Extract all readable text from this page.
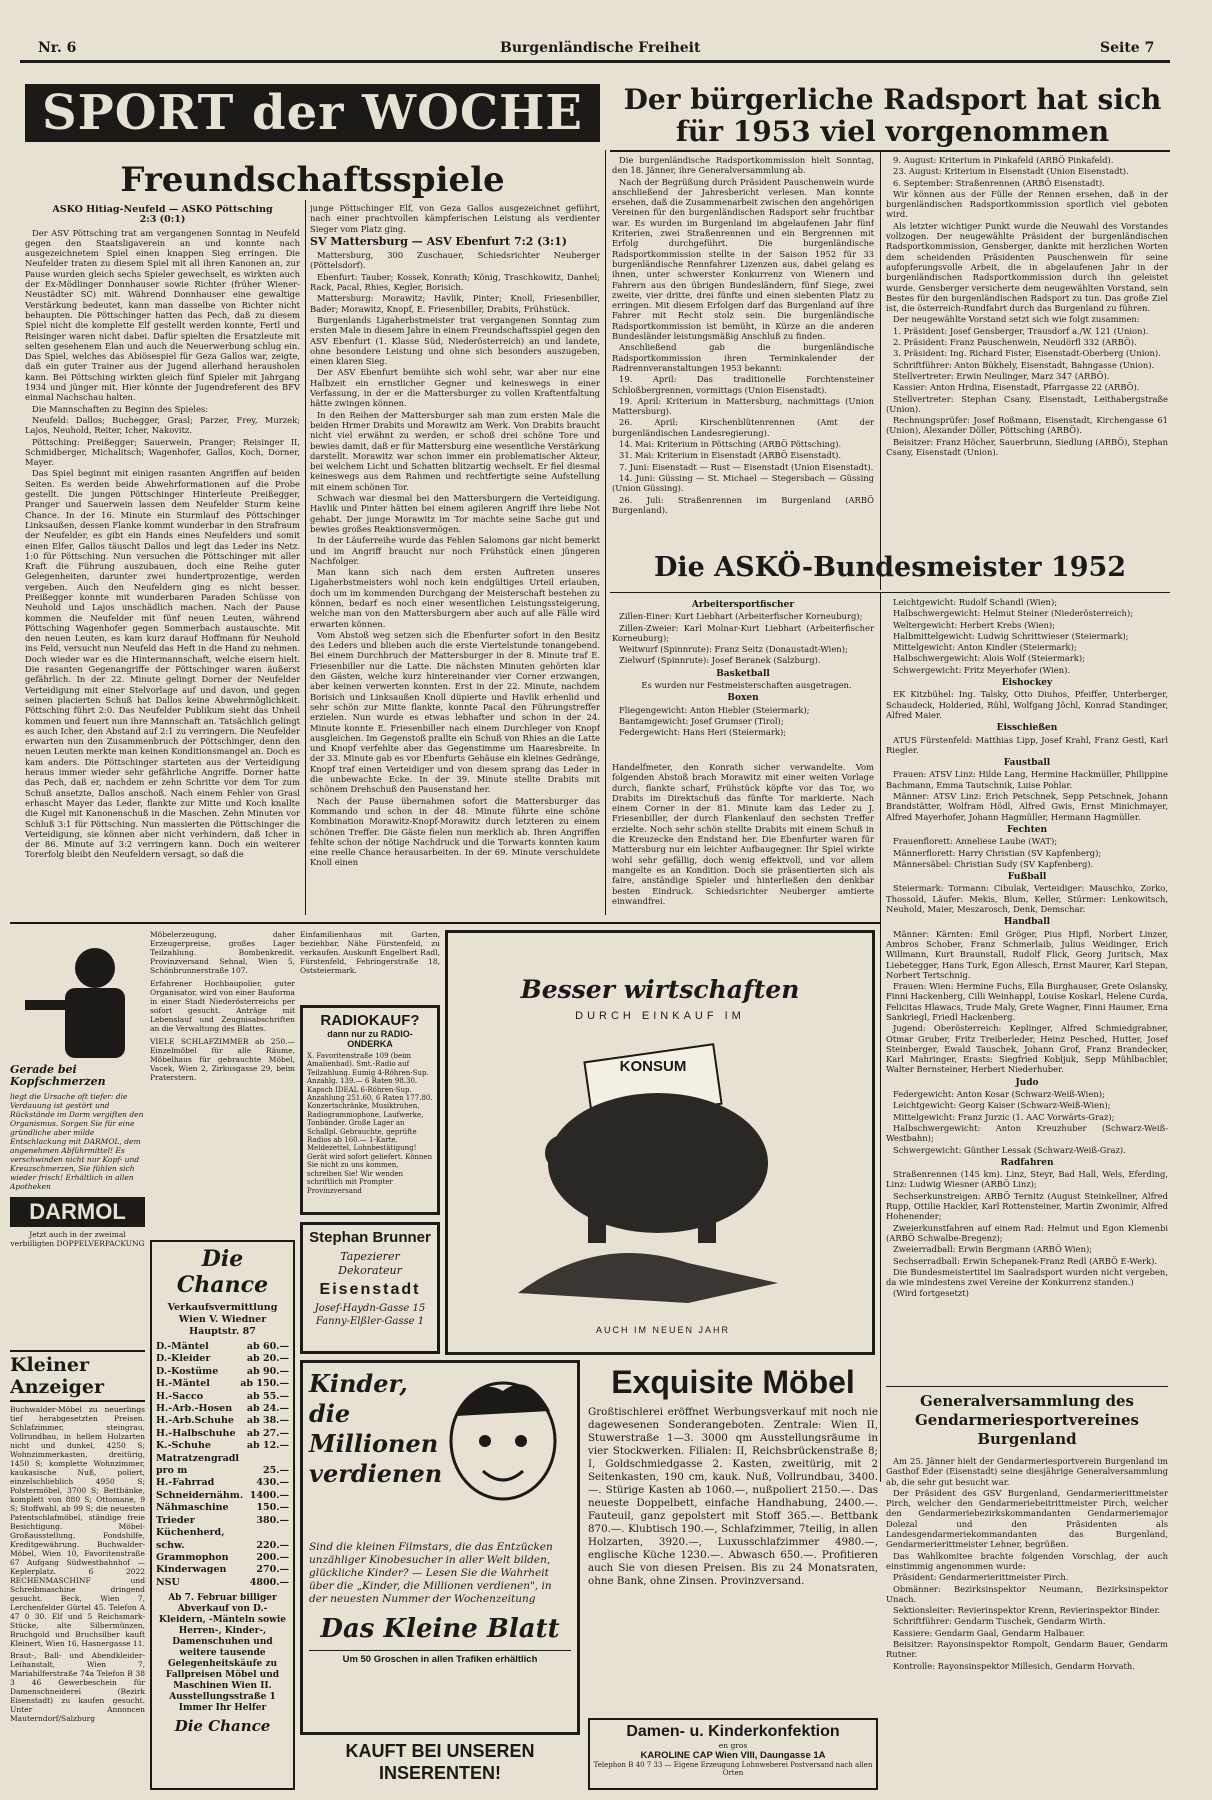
Nr. 6	Burgenländische Freiheit	Seite 7
SPORT der WOCHE
Freundschaftsspiele
Der bürgerliche Radsport hat sich für 1953 viel vorgenommen
ASKÖ Hitiag-Neufeld — ASKÖ Pöttsching
2:3 (0:1)

Der ASV Pöttsching trat am vergangenen Sonntag in Neufeld gegen den Staatsligaverein an und konnte nach ausgezeichnetem Spiel einen knappen Sieg erringen. Die Neufelder traten zu diesem Spiel mit all ihren Kanonen an, zur Pause wurden gleich sechs Spieler gewechselt, es wirkten auch der Ex-Mödlinger Donnhauser sowie Richter (früher Wiener-Neustädter SC) mit. Während Donnhauser eine gewaltige Verstärkung bedeutet, kann man dasselbe von Richter nicht behaupten. Die Pöttschinger hatten das Pech, daß zu diesem Spiel nicht die komplette Elf gestellt werden konnte, Fertl und Reisinger waren nicht dabei. Dafür spielten die Ersatzleute mit selten gesehenem Elan und auch die Neuerwerbung schlug ein. Das Spiel, welches das Abiösespiel für Geza Gallos war, zeigte, daß ein guter Trainer aus der Jugend allerhand herausholen kann. Bei Pöttsching wirkten gleich fünf Spieler mit Jahrgang 1934 und jünger mit. Hier könnte der Jugendreferent des BFV einmal Nachschau halten.

Die Mannschaften zu Beginn des Spieles:

Neufeld: Dallos; Buchegger, Grasl; Parzer, Frey, Murzek; Lajos, Neuhold, Reiter, Icher, Nakovitz.

Pöttsching: Preißegger; Sauerwein, Pranger; Reisinger II, Schmidberger, Michalitsch; Wagenhofer, Gallos, Koch, Dorner, Mayer.

Das Spiel beginnt mit einigen rasanten Angriffen auf beiden Seiten. Es werden beide Abwehrformationen auf die Probe gestellt. Die jungen Pöttschinger Hinterleute Preißegger, Pranger und Sauerwein lassen dem Neufelder Sturm keine Chance. In der 16. Minute ein Sturmlauf des Pöttschinger Linksaußen, dessen Flanke kommt wunderbar in den Strafraum der Neufelder, es gibt ein Hands eines Neufelders und somit einen Elfer, Gallos täuscht Dallos und legt das Leder ins Netz. 1:0 für Pöttsching. Nun versuchen die Pöttschinger mit aller Kraft die Führung auszubauen, doch eine Reihe guter Gelegenheiten, darunter zwei hundertprozentige, werden vergeben. Auch den Neufeldern ging es nicht besser. Preißegger konnte mit wunderbaren Paraden Schüsse von Neuhold und Lajos unschädlich machen. Nach der Pause kommen die Neufelder mit fünf neuen Leuten, während Pöttsching Wagenhofer gegen Sommerbach austauschte. Mit den neuen Leuten, es kam kurz darauf Hoffmann für Neuhold ins Feld, versucht nun Neufeld das Heft in die Hand zu nehmen. Doch wieder war es die Hintermannschaft, welche eisern hielt. Die rasanten Gegenangriffe der Pöttschinger waren äußerst gefährlich. In der 22. Minute gelingt Dorner der Neufelder Verteidigung mit einer Stelvorlage auf und davon, und gegen seinen placierten Schuß hat Dallos keine Abwehrmöglichkeit. Pöttsching führt 2:0. Das Neufelder Publikum sieht das Unheil kommen und feuert nun ihre Mannschaft an. Tatsächlich gelingt es auch Icher, den Abstand auf 2:1 zu verringern. Die Neufelder erwarten nun den Zusammenbruch der Pöttschinger, denn den neuen Leuten merkte man keinen Konditionsmangel an. Doch es kam anders. Die Pöttschinger starteten aus der Verteidigung heraus immer wieder sehr gefährliche Angriffe. Dorner hatte das Pech, daß er, nachdem er zehn Schritte vor dem Tor zum Schuß ansetzte, Dallos anschoß. Nach einem Fehler von Grasl erhascht Mayer das Leder, flankte zur Mitte und Koch knallte die Kugel mit Kanonenschuß in die Maschen. Zehn Minuten vor Schluß 3:1 für Pöttsching. Nun massierten die Pöttschinger die Verteidigung, sie können aber nicht verhindern, daß Icher in der 86. Minute auf 3:2 verringern kann. Doch ein weiterer Torerfolg bleibt den Neufeldern versagt, so daß die

junge Pöttschinger Elf, von Geza Gallos ausgezeichnet geführt, nach einer prachtvollen kämpferischen Leistung als verdienter Sieger vom Platz ging.

SV Mattersburg — ASV Ebenfurt 7:2 (3:1)

Mattersburg, 300 Zuschauer, Schiedsrichter Neuberger (Pöttelsdorf).

Ebenfurt: Tauber; Kossek, Konrath; König, Traschkowitz, Danhel; Rack, Pacal, Rhies, Kegler, Borisich.

Mattersburg: Morawitz; Havlik, Pinter; Knoll, Friesenbiller, Bader; Morawitz, Knopf, E. Friesenbiller, Drabits, Frühstück.

Burgenlands Ligaherbstmeister trat vergangenen Sonntag zum ersten Male in diesem Jahre in einem Freundschaftsspiel gegen den ASV Ebenfurt (1. Klasse Süd, Niederösterreich) an und landete, ohne besondere Leistung und ohne sich besonders auszugeben, einen klaren Sieg.

Der ASV Ebenfurt bemühte sich wohl sehr, war aber nur eine Halbzeit ein ernstlicher Gegner und keineswegs in einer Verfassung, in der er die Mattersburger zu vollen Kraftentfaltung hätte zwingen können.

In den Reihen der Mattersburger sah man zum ersten Male die beiden Hrmer Drabits und Morawitz am Werk. Von Drabits braucht nicht viel erwähnt zu werden, er schoß drei schöne Tore und bewies damit, daß er für Mattersburg eine wesentliche Verstärkung darstellt. Morawitz war schon immer ein problematischer Akteur, bei welchem Licht und Schatten blitzartig wechselt. Er fiel diesmal keineswegs aus dem Rahmen und rechtfertigte seine Aufstellung mit einem schönen Tor.

Schwach war diesmal bei den Mattersburgern die Verteidigung. Havlik und Pinter hätten bei einem agileren Angriff ihre liebe Not gehabt. Der junge Morawitz im Tor machte seine Sache gut und bewies großes Reaktionsvermögen.

In der Läuferreihe wurde das Fehlen Salomons gar nicht bemerkt und im Angriff braucht nur noch Frühstück einen jüngeren Nachfolger.

Man kann sich nach dem ersten Auftreten unseres Ligaherbstmeisters wohl noch kein endgültiges Urteil erlauben, doch um im kommenden Durchgang der Meisterschaft bestehen zu können, bedarf es noch einer wesentlichen Leistungssteigerung, welche man von den Mattersburgern aber auch auf alle Fälle wird erwarten können.

Vom Abstoß weg setzen sich die Ebenfurter sofort in den Besitz des Leders und blieben auch die erste Viertelstunde tonangebend. Bei einem Durchbruch der Mattersburger in der 8. Minute traf E. Friesenbiller nur die Latte. Die nächsten Minuten gehörten klar den Gästen, welche kurz hintereinander vier Corner erzwangen, aber keinen verwerten konnten. Erst in der 22. Minute, nachdem Borisich und Linksaußen Knoll düpierte und Havlik erhenlid und sehr schön zur Mitte flankte, konnte Pacal den Führungstreffer erzielen. Nun wurde es etwas lebhafter und schon in der 24. Minute konnte E. Friesenbiller nach einem Durchleger von Knopf ausgleichen. Im Gegenstoß prallte ein Schuß von Rhies an die Latte und Knopf verfehlte aber das Gegenstimme um Haaresbreite. In der 33. Minute gab es vor Ebenfurts Gehäuse ein kleines Gedränge, Knopf traf einen Verteidiger und von diesem sprang das Leder in die unbewachte Ecke. In der 39. Minute stellte Drabits mit schönem Drehschuß den Pausenstand her.

Nach der Pause übernahmen sofort die Mattersburger das Kommando und schon in der 48. Minute führte eine schöne Kombination Morawitz-Knopf-Morawitz durch letzteren zu einem schönen Treffer. Die Gäste fielen nun merklich ab. Ihren Angriffen fehlte schon der nötige Nachdruck und die Torwarts konnten kaum eine reelle Chance herausarbeiten. In der 69. Minute verschuldete Knoll einen

Die burgenländische Radsportkommission hielt Sonntag, den 18. Jänner, ihre Generalversammlung ab.

Nach der Begrüßung durch Präsident Pauschenwein wurde anschließend der Jahresbericht verlesen. Man konnte ersehen, daß die Zusammenarbeit zwischen den angehörigen Vereinen für den burgenländischen Radsport sehr fruchtbar war. Es wurden im Burgenland im abgelaufenen Jahr fünf Kriterien, zwei Straßenrennen und ein Bergrennen mit Erfolg durchgeführt. Die burgenländische Radsportkommission stellte in der Saison 1952 für 33 burgenländische Rennfahrer Lizenzen aus, dabei gelang es ihnen, unter schwerster Konkurrenz von Wienern und Fahrern aus den übrigen Bundesländern, fünf Siege, zwei zweite, vier dritte, drei fünfte und einen siebenten Platz zu erringen. Mit diesem Erfolgen darf das Burgenland auf ihre Fahrer mit Recht stolz sein. Die burgenländische Radsportkommission ist bemüht, in Kürze an die anderen Bundesländer leistungsmäßig Anschluß zu finden.

Anschließend gab die burgenländische Radsportkommission ihren Terminkalender der Radrennveranstaltungen 1953 bekannt:

19. April: Das traditionelle Forchtensteiner Schloßbergrennen, vormittags (Union Eisenstadt).

19. April: Kriterium in Mattersburg, nachmittags (Union Mattersburg).

26. April: Kirschenblütenrennen (Amt der burgenländischen Landesregierung).

14. Mai: Kriterium in Pöttsching (ARBÖ Pöttsching).

31. Mai: Kriterium in Eisenstadt (ARBÖ Eisenstadt).

7. Juni: Eisenstadt — Rust — Eisenstadt (Union Eisenstadt).

14. Juni: Güssing — St. Michael — Stegersbach — Güssing (Union Güssing).

26. Juli: Straßenrennen im Burgenland (ARBÖ Burgenland).

9. August: Kriterium in Pinkafeld (ARBÖ Pinkafeld).

23. August: Kriterium in Eisenstadt (Union Eisenstadt).

6. September: Straßenrennen (ARBÖ Eisenstadt).

Wir können aus der Fülle der Rennen ersehen, daß in der burgenländischen Radsportkommission sportlich viel geboten wird.

Als letzter wichtiger Punkt wurde die Neuwahl des Vorstandes vollzogen. Der neugewählte Präsident der burgenländischen Radsportkommission, Gensberger, dankte mit herzlichen Worten dem scheidenden Präsidenten Pauschenwein für seine aufopferungsvolle Arbeit, die in abgelaufenen Jahr in der burgenländischen Radsportkommission durch ihn geleistet wurde. Gensberger versicherte dem neugewählten Vorstand, sein Bestes für den burgenländischen Radsport zu tun. Das große Ziel ist, die österreich-Rundfahrt durch das Burgenland zu führen.

Der neugewählte Vorstand setzt sich wie folgt zusammen:

1. Präsident: Josef Gensberger, Trausdorf a./W. 121 (Union).

2. Präsident: Franz Pauschenwein, Neudörfl 332 (ARBÖ).

3. Präsident: Ing. Richard Fister, Eisenstadt-Oberberg (Union).

Schriftführer: Anton Bükhely, Eisenstadt, Bahngasse (Union).

Stellvertreter: Erwin Neulinger, Marz 347 (ARBÖ).

Kassier: Anton Hrdina, Eisenstadt, Pfarrgasse 22 (ARBÖ).

Stellvertreter: Stephan Csany, Eisenstadt, Leithabergstraße (Union).

Rechnungsprüfer: Josef Roßmann, Eisenstadt, Kirchengasse 61 (Union), Alexander Döller, Pöttsching (ARBÖ).

Beisitzer: Franz Höcher, Sauerbrunn, Siedlung (ARBÖ), Stephan Csany, Eisenstadt (Union).

Die ASKÖ-Bundesmeister 1952
Arbeitersportfischer

Zillen-Einer: Kurt Liebhart (Arbeiterfischer Korneuburg);

Zillen-Zweier: Karl Molnar-Kurt Liebhart (Arbeiterfischer Korneuburg);

Weitwurf (Spinnrute): Franz Seitz (Donaustadt-Wien);

Zielwurf (Spinnrute): Josef Beranek (Salzburg).

Basketball

Es wurden nur Festmeisterschaften ausgetragen.

Boxen

Fliegengewicht: Anton Hiebler (Steiermark);

Bantamgewicht: Josef Grumser (Tirol);

Federgewicht: Hans Heri (Steiermark);

Handelfmeter, den Konrath sicher verwandelte. Vom folgenden Abstoß brach Morawitz mit einer weiten Vorlage durch, flankte scharf, Frühstück köpfte vor das Tor, wo Drabits im Direktschuß das fünfte Tor markierte. Nach einem Corner in der 81. Minute kam das Leder zu J. Friesenbiller, der durch Flankenlauf den sechsten Treffer erzielte. Noch sehr schön stellte Drabits mit einem Schuß in die Kreuzecke den Endstand her. Die Ebenfurter waren für Mattersburg nur ein leichter Aufbaugegner. Ihr Spiel wirkte wohl sehr gefällig, doch wenig effektvoll, und vor allem mangelte es an Kondition. Doch sie präsentierten sich als faire, anständige Spieler und hinterließen den denkbar besten Eindruck. Schiedsrichter Neuberger amtierte einwandfrei.

Leichtgewicht: Rudolf Schandl (Wien);

Halbschwergewicht: Helmut Steiner (Niederösterreich);

Weltergewicht: Herbert Krebs (Wien);

Halbmittelgewicht: Ludwig Schrittwieser (Steiermark);

Mittelgewicht: Anton Kindler (Steiermark);

Halbschwergewicht: Alois Wolf (Steiermark);

Schwergewicht: Fritz Meyerhofer (Wien).

Eishockey

EK Kitzbühel: Ing. Talsky, Otto Diuhos, Pfeiffer, Unterberger, Schaudeck, Holderied, Rühl, Wolfgang Jöchl, Konrad Standinger, Alfred Maier.

Eisschießen

ATUS Fürstenfeld: Matthias Lipp, Josef Krahl, Franz Gestl, Karl Riegler.

Faustball

Frauen: ATSV Linz: Hilde Lang, Hermine Hackmüller, Philippine Bachmann, Emma Tautschnik, Luise Pohlar.

Männer: ATSV Linz: Erich Petschnek, Sepp Petschnek, Johann Brandstätter, Wolfram Hödl, Alfred Gwis, Ernst Minichmayer, Alfred Mayerhofer, Johann Hagmüller, Hermann Hagmüller.

Fechten

Frauenflorett: Anneliese Laube (WAT);

Männerflorett: Harry Christian (SV Kapfenberg);

Männersäbel: Christian Sudy (SV Kapfenberg).

Fußball

Steiermark: Tormann: Cibulak, Verteidiger: Mauschko, Zorko, Thossold, Läufer: Mekis, Blum, Keller, Stürmer: Lenkowitsch, Neuhold, Maier, Meszarosch, Denk, Demschar.

Handball

Männer: Kärnten: Emil Gröger, Pius Hipfl, Norbert Linzer, Ambros Schober, Franz Schmerlaib, Julius Weidinger, Erich Willmann, Kurt Braunstall, Rudolf Flick, Georg Juritsch, Max Liebetegger, Hans Turk, Egon Allesch, Ernst Maurer, Karl Stepan, Norbert Tertschnig.

Frauen: Wien: Hermine Fuchs, Ella Burghauser, Grete Oslansky, Finni Hackenberg, Cilli Weinhappl, Louise Koskarl, Helene Curda, Felicitas Hlawacs, Trude Maly, Grete Wagner, Finni Haumer, Erna Sankriegl, Friedl Hackenberg.

Jugend: Oberösterreich: Keplinger, Alfred Schmiedgrabner, Otmar Gruber, Fritz Treiberleder, Heinz Pesched, Hutter, Josef Steinberger, Ewald Tauschek, Johann Grof, Franz Brandecker, Karl Mahringer, Erasts: Siegfried Kobljuk, Sepp Mühlbachler, Walter Bernsteiner, Herbert Niederhuber.

Judo

Federgewicht: Anton Kosar (Schwarz-Weiß-Wien);

Leichtgewicht: Georg Kaiser (Schwarz-Weiß-Wien);

Mittelgewicht: Franz Jurzic (1. AAC Vorwärts-Graz);

Halbschwergewicht: Anton Kreuzhuber (Schwarz-Weiß-Westbahn);

Schwergewicht: Günther Lessak (Schwarz-Weiß-Graz).

Radfahren

Straßenrennen (145 km). Linz, Steyr, Bad Hall, Wels, Eferding, Linz: Ludwig Wiesner (ARBÖ Linz);

Sechserkunstreigen: ARBÖ Ternitz (August Steinkellner, Alfred Rupp, Ottilie Hackler, Karl Rottensteiner, Martin Zwonimir, Alfred Hohenender;

Zweierkunstfahren auf einem Rad: Helmut und Egon Klemenbi (ARBÖ Schwalbe-Bregenz);

Zweierradball: Erwin Bergmann (ARBÖ Wien);

Sechserradball: Erwin Schepanek-Franz Redl (ARBÖ E-Werk).

Die Bundesmeistertitel im Saalradsport wurden nicht vergeben, da wie mindestens zwei Vereine der Konkurrenz standen.)

(Wird fortgesetzt)

Generalversammlung des Gendarmeriesportvereines Burgenland

Am 25. Jänner hielt der Gendarmeriesportverein Burgenland im Gasthof Eder (Eisenstadt) seine diesjährige Generalversammlung ab, die sehr gut besucht war.

Der Präsident des GSV Burgenland, Gendarmerierittmeister Pirch, welcher den Gendarmeriebeitrittmeister Pirch, welcher den Gendarmeriebezirkskommandanten Gendarmeriemajor Dolezal und den Präsidenten als Landesgendarmeriekommandanten das Burgenland, Gendarmerierittmeister Lehner, begrüßen.

Das Wahlkomitee brachte folgenden Vorschlag, der auch einstimmig angenommen wurde:

Präsident: Gendarmerierittmeister Pirch.

Obmänner: Bezirksinspektor Neumann, Bezirksinspektor Unach.

Sektionsleiter: Revierinspektor Krenn, Revierinspektor Binder.

Schriftführer: Gendarm Tuschek, Gendarm Wirth.

Kassiere: Gendarm Gaal, Gendarm Halbauer.

Beisitzer: Rayonsinspektor Rompolt, Gendarm Bauer, Gendarm Rutner.

Kontrolle: Rayonsinspektor Millesich, Gendarm Horvath.

Gerade bei Kopfschmerzen
liegt die Ursache oft tiefer: die Verdauung ist gestört und Rückstände im Darm vergiften den Organismus. Sorgen Sie für eine gründliche aber milde Entschlackung mit DARMOL, dem angenehmen Abführmittel! Es verschwinden nicht nur Kopf- und Kreuzschmerzen, Sie fühlen sich wieder frisch! Erhältlich in allen Apotheken
DARMOL
Jetzt auch in der zweimal verbilligten DOPPELVERPACKUNG

Möbelerzeugung, daher Erzeugerpreise, großes Lager Teilzahlung. Bombenkredit. Provinzversand Sehnal, Wien 5, Schönbrunnerstraße 107.

Erfahrener Hochbaupolier, guter Organisator, wird von einer Bauforma in einer Stadt Niederösterreichs per sofort gesucht. Anträge mit Lebenslauf und Zeugnisabschriften an die Verwaltung des Blattes.

VIELE SCHLAFZIMMER ab 250.— Einzelmöbel für alle Räume, Möbelhaus für gebrauchte Möbel, Vacek, Wien 2, Zirkusgasse 29, beim Praterstern.

Einfamilienhaus mit Garten, beziehbar, Nähe Fürstenfeld, zu verkaufen. Auskunft Engelbert Radl, Fürstenfeld, Fehringerstraße 18, Oststeiermark.

RADIOKAUF?
dann nur zu RADIO-ONDERKA
X. Favoritenstraße 109 (beim Amalienbad). Smt.-Radio auf Teilzahlung. Eumig 4-Röhren-Sup. Anzahlg. 139.— 6 Raten 98.30. Kapsch IDEAL 6-Röhren-Sup. Anzahlung 251.60, 6 Raten 177.80. Konzertschränke, Musiktruhen, Radiogrammophone, Laufwerke, Tonbänder. Große Lager an Schallpl. Gebrauchte, geprüfte Radios ab 160.— 1-Karte. Meldezettel, Lohnbestätigung! Gerät wird sofort geliefert. Können Sie nicht zu uns kommen, schreiben Sie! Wir wenden schriftlich mit Prompter Provinzversand
Die Chance
Verkaufsvermittlung Wien V. Wiedner Hauptstr. 87
D.-Mäntel	ab 60.—
D.-Kleider	ab 20.—
D.-Kostüme	ab 90.—
H.-Mäntel	ab 150.—
H.-Sacco	ab 55.—
H.-Arb.-Hosen ab 24.—
H.-Arb.Schuhe ab 38.—
H.-Halbschuhe ab 27.—
K.-Schuhe	ab 12.—
Matratzengradl
pro m	25.—
H.-Fahrrad	430.—
Schneidernähm. 1400.—
Nähmaschine	150.—
Trieder	380.—
Küchenherd,
schw.	220.—
Grammophon	200.—
Kinderwagen	270.—
NSU	4800.—
Ab 7. Februar billiger Abverkauf von D.-Kleidern, -Mänteln sowie Herren-, Kinder-, Damenschuhen und weitere tausende Gelegenheitskäufe zu Fallpreisen Möbel und Maschinen Wien II. Ausstellungsstraße 1 Immer Ihr Helfer
Die Chance
Kleiner Anzeiger
Buchwalder-Möbel zu neuerlings tief herabgesetzten Preisen. Schlafzimmer, steingrau, Vollrundbau, in hellem Holzarten nicht und dunkel, 4250 S; Wohnzimmerkasten, dreitürig, 1450 S; komplette Wohnzimmer, kaukasische Nuß, poliert, einzelschlieblich 4950 S; Polstermöbel, 3700 S; Bettbänke, komplett von 880 S; Ottomane, 9 S; Stoffwahl, ab 99 S; die neuesten Patentschlafmöbel, ständige freie Besichtigung. Möbel-Großausstellung, Fondshilfe, Kreditgewährung. Buchwalder-Möbel, Wien 10, Favoritenstraße 67 Aufgang Südwestbahnhof — Keplerplatz. 6 2022 RECHENMASCHINF und Schreibmaschine dringend gesucht. Beck, Wien 7, Lerchenfelder Gürtel 45. Telefon A 47 0 30. Elf und 5 Reichsmark-Stücke, alte Silbermünzen, Bruchgold und Bruchsilber kauft Kleinert, Wien 16, Hasnergasse 11.
Braut-, Ball- und Abendkleider-Leihanstalt, Wien 7, Mariahilferstraße 74a Telefon B 38 3 46 Gewerbeschein für Damenschneiderei (Bezirk Eisenstadt) zu kaufen gesucht. Unter Annoncen Mauterndorf/Salzburg
Stephan Brunner
Tapezierer Dekorateur
Eisenstadt
Josef-Haydn-Gasse 15 Fanny-Elßler-Gasse 1
Kinder, die Millionen verdienen
Sind die kleinen Filmstars, die das Entzücken unzähliger Kinobesucher in aller Welt bilden, glückliche Kinder? — Lesen Sie die Wahrheit über die „Kinder, die Millionen verdienen", in der neuesten Nummer der Wochenzeitung
Das Kleine Blatt
Um 50 Groschen in allen Trafiken erhältlich
KAUFT BEI UNSEREN INSERENTEN!
Besser wirtschaften
DURCH EINKAUF IM
KONSUM
AUCH IM NEUEN JAHR
Exquisite Möbel
Großtischlerei eröffnet Werbungsverkauf mit noch nie dagewesenen Sonderangeboten. Zentrale: Wien II, Stuwerstraße 1—3. 3000 qm Ausstellungsräume in vier Stockwerken. Filialen: II, Reichsbrückenstraße 8; I, Goldschmiedgasse 2. Kasten, zweitürig, mit 2 Seitenkasten, 190 cm, kauk. Nuß, Vollrundbau, 3400.—. Stürige Kasten ab 1060.—, nußpoliert 2150.—. Das neueste Doppelbett, einfache Handhabung, 2400.—. Fauteuil, ganz gepolstert mit Stoff 365.—. Bettbank 870.—. Klubtisch 190.—, Schlafzimmer, 7teilig, in allen Holzarten, 3920.—, Luxusschlafzimmer 4980.—, englische Küche 1230.—. Abwasch 650.—. Profitieren auch Sie von diesen Preisen. Bis zu 24 Monatsraten, ohne Bank, ohne Zinsen. Provinzversand.
Damen- u. Kinderkonfektion
en gros
KAROLINE CAP Wien VIII, Daungasse 1A
Telephon B 40 7 33 — Eigene Erzeugung Lohnweberei Postversand nach allen Orten
